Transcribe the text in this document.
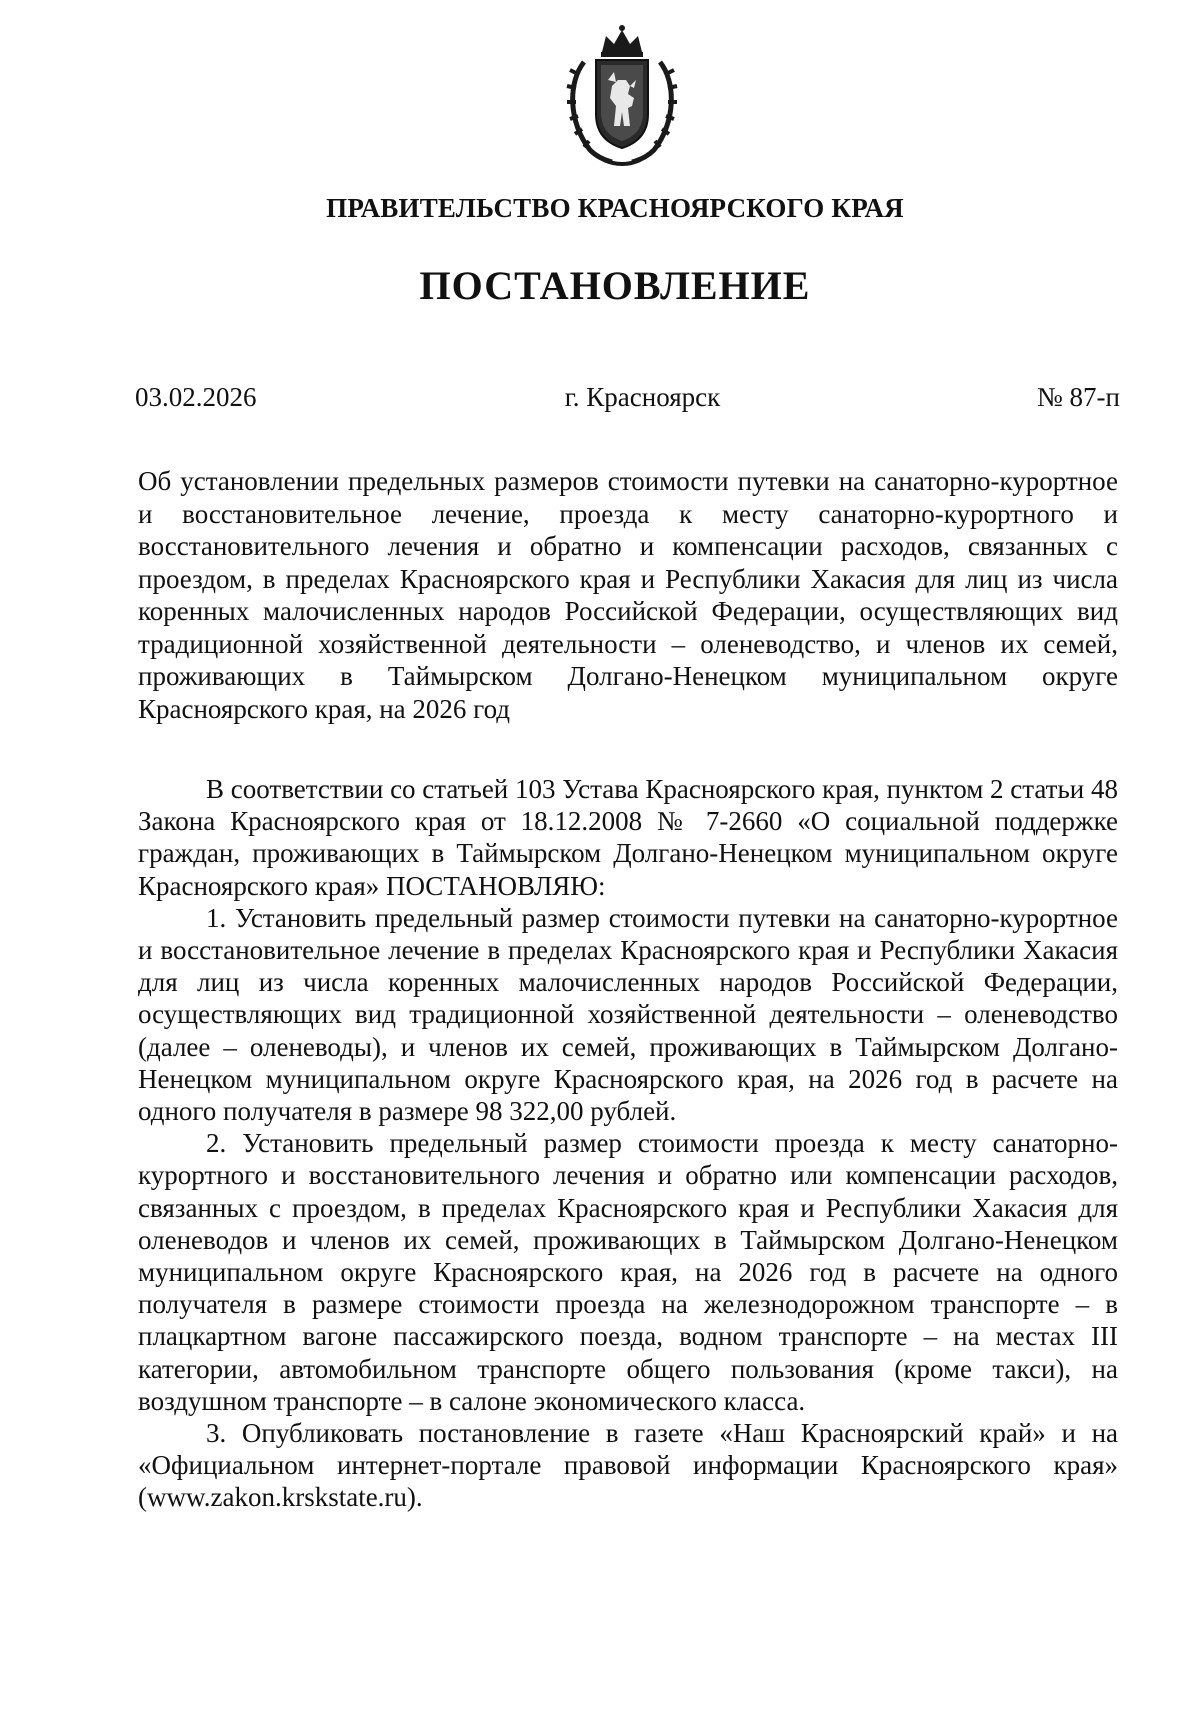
ПРАВИТЕЛЬСТВО КРАСНОЯРСКОГО КРАЯ
ПОСТАНОВЛЕНИЕ
03.02.2026	г. Красноярск	№ 87-п

Об установлении предельных размеров стоимости путевки на санаторно-курортное и восстановительное лечение, проезда к месту санаторно-курортного и восстановительного лечения и обратно и компенсации расходов, связанных с проездом, в пределах Красноярского края и Республики Хакасия для лиц из числа коренных малочисленных народов Российской Федерации, осуществляющих вид традиционной хозяйственной деятельности – оленеводство, и членов их семей, проживающих в Таймырском Долгано-Ненецком муниципальном округе Красноярского края, на 2026 год

В соответствии со статьей 103 Устава Красноярского края, пунктом 2 статьи 48 Закона Красноярского края от 18.12.2008 № 7-2660 «О социальной поддержке граждан, проживающих в Таймырском Долгано-Ненецком муниципальном округе Красноярского края» ПОСТАНОВЛЯЮ:

1. Установить предельный размер стоимости путевки на санаторно-курортное и восстановительное лечение в пределах Красноярского края и Республики Хакасия для лиц из числа коренных малочисленных народов Российской Федерации, осуществляющих вид традиционной хозяйственной деятельности – оленеводство (далее – оленеводы), и членов их семей, проживающих в Таймырском Долгано-Ненецком муниципальном округе Красноярского края, на 2026 год в расчете на одного получателя в размере 98 322,00 рублей.

2. Установить предельный размер стоимости проезда к месту санаторно-курортного и восстановительного лечения и обратно или компенсации расходов, связанных с проездом, в пределах Красноярского края и Республики Хакасия для оленеводов и членов их семей, проживающих в Таймырском Долгано-Ненецком муниципальном округе Красноярского края, на 2026 год в расчете на одного получателя в размере стоимости проезда на железнодорожном транспорте – в плацкартном вагоне пассажирского поезда, водном транспорте – на местах III категории, автомобильном транспорте общего пользования (кроме такси), на воздушном транспорте – в салоне экономического класса.

3. Опубликовать постановление в газете «Наш Красноярский край» и на «Официальном интернет-портале правовой информации Красноярского края» (www.zakon.krskstate.ru).
